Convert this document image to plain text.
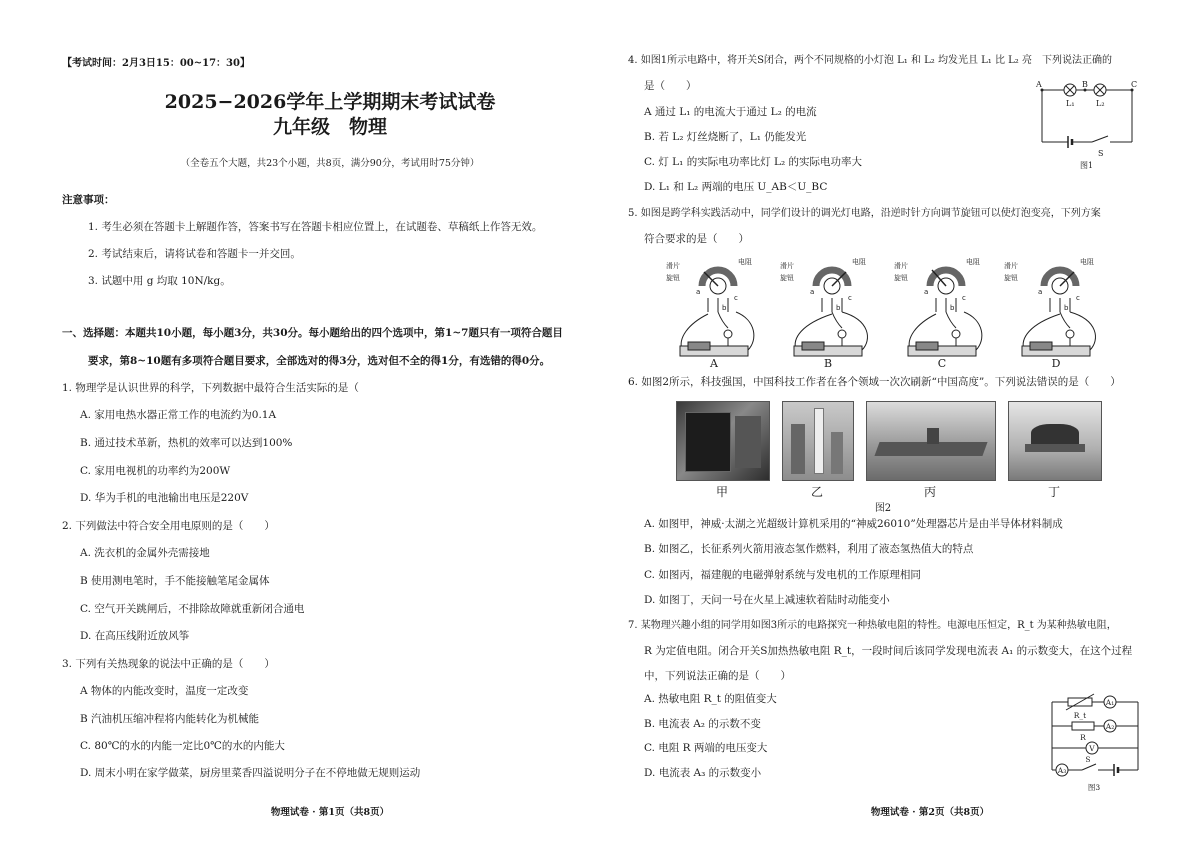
【考试时间：2月3日15：00~17：30】
2025−2026学年上学期期末考试试卷
九年级　物理
（全卷五个大题，共23个小题，共8页，满分90分，考试用时75分钟）
注意事项：
1. 考生必须在答题卡上解题作答，答案书写在答题卡相应位置上，在试题卷、草稿纸上作答无效。
2. 考试结束后，请将试卷和答题卡一并交回。
3. 试题中用 g 均取 10N/kg。
一、选择题：本题共10小题，每小题3分，共30分。每小题给出的四个选项中，第1~7题只有一项符合题目
要求，第8~10题有多项符合题目要求，全部选对的得3分，选对但不全的得1分，有选错的得0分。
1. 物理学是认识世界的科学，下列数据中最符合生活实际的是（
A. 家用电热水器正常工作的电流约为0.1A
B. 通过技术革新，热机的效率可以达到100%
C. 家用电视机的功率约为200W
D. 华为手机的电池输出电压是220V
2. 下列做法中符合安全用电原则的是（　　）
A. 洗衣机的金属外壳需接地
B 使用测电笔时，手不能接触笔尾金属体
C. 空气开关跳闸后，不排除故障就重新闭合通电
D. 在高压线附近放风筝
3. 下列有关热现象的说法中正确的是（　　）
A 物体的内能改变时，温度一定改变
B 汽油机压缩冲程将内能转化为机械能
C. 80℃的水的内能一定比0℃的水的内能大
D. 周末小明在家学做菜，厨房里菜香四溢说明分子在不停地做无规则运动
物理试卷 · 第1页（共8页）
4. 如图1所示电路中，将开关S闭合，两个不同规格的小灯泡 L₁ 和 L₂ 均发光且 L₁ 比 L₂ 亮　下列说法正确的
是（　　）
A 通过 L₁ 的电流大于通过 L₂ 的电流
B. 若 L₂ 灯丝烧断了，L₁ 仍能发光
C. 灯 L₁ 的实际电功率比灯 L₂ 的实际电功率大
D. L₁ 和 L₂ 两端的电压 U_AB＜U_BC
A	B	C
L₁	L₂
S
图1
5. 如图是跨学科实践活动中，同学们设计的调光灯电路，沿逆时针方向调节旋钮可以使灯泡变亮，下列方案
符合要求的是（　　）
滑片
旋钮
电阻
a
b
c
A
滑片
旋钮
电阻
a
b
c
B
滑片
旋钮
电阻
a
b
c
C
滑片
旋钮
电阻
a
b
c
D
6. 如图2所示，科技强国，中国科技工作者在各个领域一次次刷新“中国高度”。下列说法错误的是（　　）
甲	乙	丙	丁
图2
A. 如图甲，神威·太湖之光超级计算机采用的“神威26010”处理器芯片是由半导体材料制成
B. 如图乙，长征系列火箭用液态氢作燃料，利用了液态氢热值大的特点
C. 如图丙，福建舰的电磁弹射系统与发电机的工作原理相同
D. 如图丁，天问一号在火星上减速软着陆时动能变小
7. 某物理兴趣小组的同学用如图3所示的电路探究一种热敏电阻的特性。电源电压恒定，R_t 为某种热敏电阻，
R 为定值电阻。闭合开关S加热热敏电阻 R_t，一段时间后该同学发现电流表 A₁ 的示数变大，在这个过程
中，下列说法正确的是（　　）
A. 热敏电阻 R_t 的阻值变大
B. 电流表 A₂ 的示数不变
C. 电阻 R 两端的电压变大
D. 电流表 A₃ 的示数变小
R_t
R
A₁
A₂
A₃
V
S
图3
物理试卷 · 第2页（共8页）
